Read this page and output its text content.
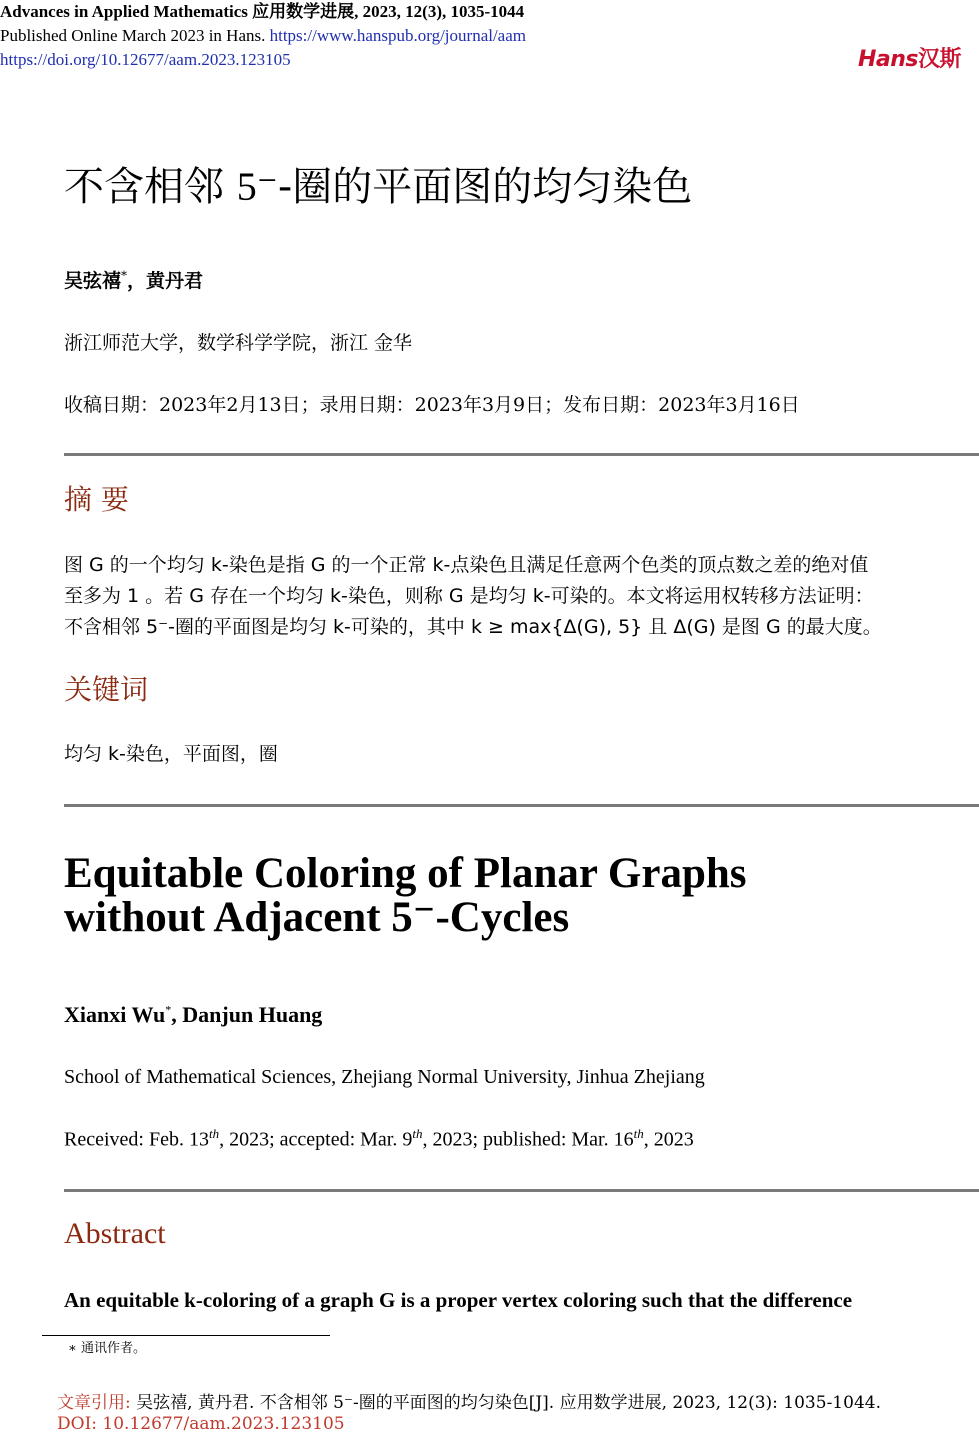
Advances in Applied Mathematics 应用数学进展, 2023, 12(3), 1035-1044
Published Online March 2023 in Hans. https://www.hanspub.org/journal/aam
https://doi.org/10.12677/aam.2023.123105	Hans汉斯
不含相邻 5⁻-圈的平面图的均匀染色
吴弦禧*，黄丹君
浙江师范大学，数学科学学院，浙江 金华
收稿日期：2023年2月13日；录用日期：2023年3月9日；发布日期：2023年3月16日
摘 要

图 G 的一个均匀 k-染色是指 G 的一个正常 k-点染色且满足任意两个色类的顶点数之差的绝对值

至多为 1 。若 G 存在一个均匀 k-染色，则称 G 是均匀 k-可染的。本文将运用权转移方法证明：

不含相邻 5⁻-圈的平面图是均匀 k-可染的，其中 k ≥ max{Δ(G), 5} 且 Δ(G) 是图 G 的最大度。

关键词
均匀 k-染色，平面图，圈
Equitable Coloring of Planar Graphs
without Adjacent 5⁻-Cycles
Xianxi Wu*, Danjun Huang
School of Mathematical Sciences, Zhejiang Normal University, Jinhua Zhejiang
Received: Feb. 13th, 2023; accepted: Mar. 9th, 2023; published: Mar. 16th, 2023
Abstract
An equitable k-coloring of a graph G is a proper vertex coloring such that the difference
∗ 通讯作者。
文章引用: 吴弦禧, 黄丹君. 不含相邻 5⁻-圈的平面图的均匀染色[J]. 应用数学进展, 2023, 12(3): 1035-1044.
DOI: 10.12677/aam.2023.123105
